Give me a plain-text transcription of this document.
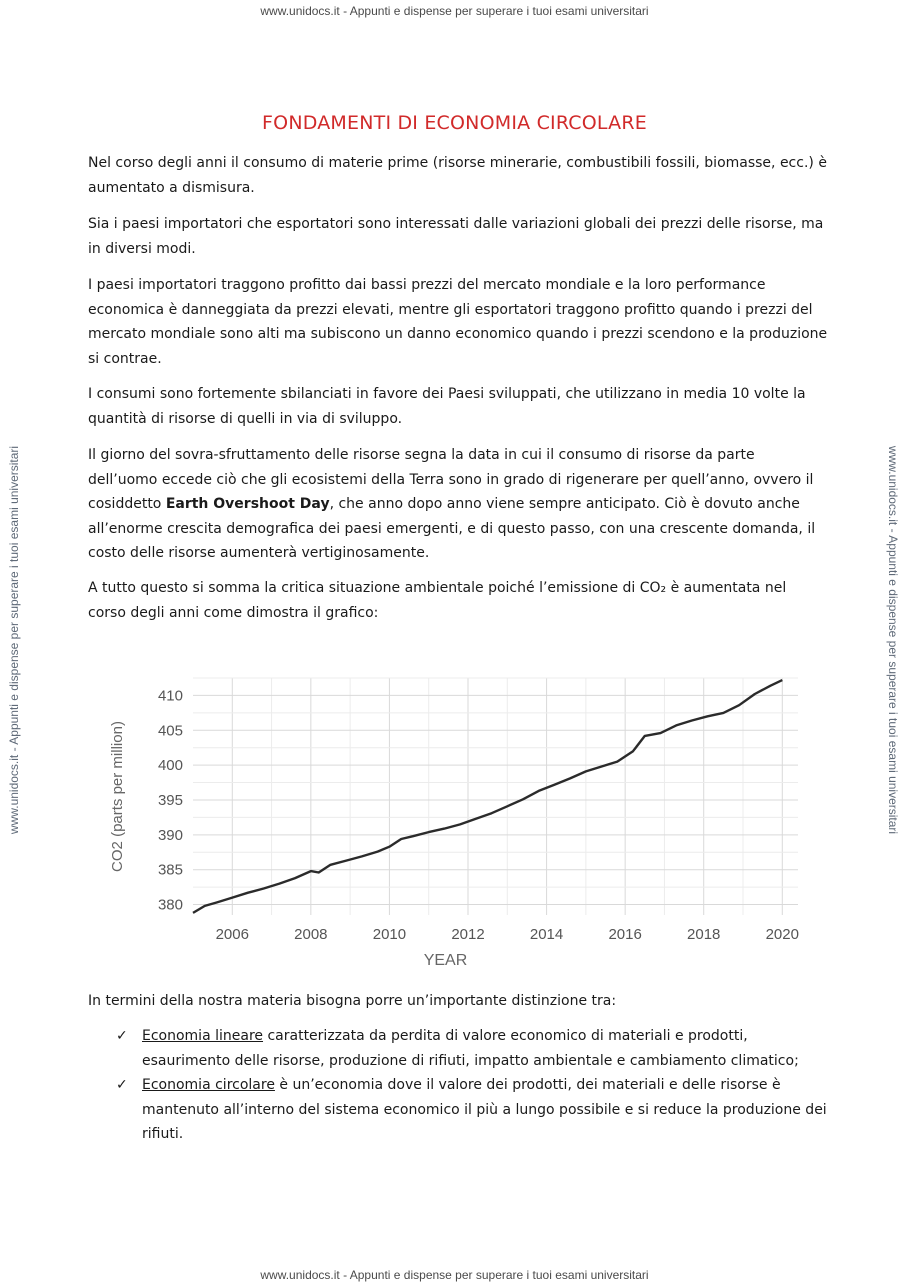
www.unidocs.it - Appunti e dispense per superare i tuoi esami universitari
www.unidocs.it - Appunti e dispense per superare i tuoi esami universitari
www.unidocs.it - Appunti e dispense per superare i tuoi esami universitari	www.unidocs.it - Appunti e dispense per superare i tuoi esami universitari
FONDAMENTI DI ECONOMIA CIRCOLARE

Nel corso degli anni il consumo di materie prime (risorse minerarie, combustibili fossili, biomasse, ecc.) è aumentato a dismisura.

Sia i paesi importatori che esportatori sono interessati dalle variazioni globali dei prezzi delle risorse, ma in diversi modi.

I paesi importatori traggono profitto dai bassi prezzi del mercato mondiale e la loro performance economica è danneggiata da prezzi elevati, mentre gli esportatori traggono profitto quando i prezzi del mercato mondiale sono alti ma subiscono un danno economico quando i prezzi scendono e la produzione si contrae.

I consumi sono fortemente sbilanciati in favore dei Paesi sviluppati, che utilizzano in media 10 volte la quantità di risorse di quelli in via di sviluppo.

Il giorno del sovra-sfruttamento delle risorse segna la data in cui il consumo di risorse da parte dell’uomo eccede ciò che gli ecosistemi della Terra sono in grado di rigenerare per quell’anno, ovvero il cosiddetto Earth Overshoot Day, che anno dopo anno viene sempre anticipato. Ciò è dovuto anche all’enorme crescita demografica dei paesi emergenti, e di questo passo, con una crescente domanda, il costo delle risorse aumenterà vertiginosamente.

A tutto questo si somma la critica situazione ambientale poiché l’emissione di CO₂ è aumentata nel corso degli anni come dimostra il grafico:

2006	2008	2010	2012	2014	2016	2018	2020
380
385
390
395
400
405
410
YEAR
CO2 (parts per million)

In termini della nostra materia bisogna porre un’importante distinzione tra:

✓ Economia lineare caratterizzata da perdita di valore economico di materiali e prodotti, esaurimento delle risorse, produzione di rifiuti, impatto ambientale e cambiamento climatico;
✓ Economia circolare è un’economia dove il valore dei prodotti, dei materiali e delle risorse è mantenuto all’interno del sistema economico il più a lungo possibile e si reduce la produzione dei rifiuti.
